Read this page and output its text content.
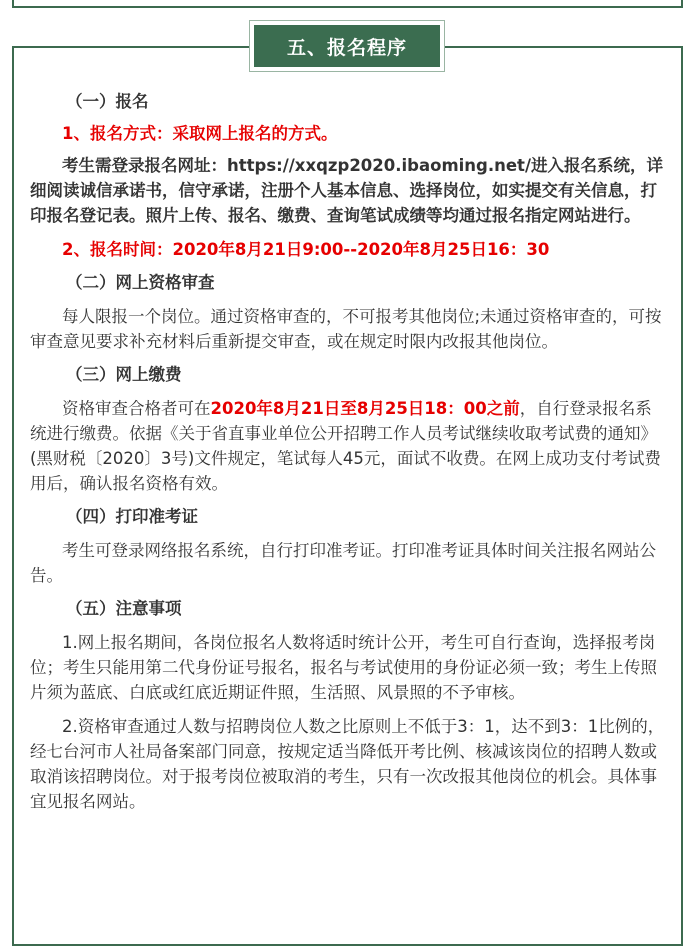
五、报名程序

（一）报名

1、报名方式：采取网上报名的方式。

考生需登录报名网址：https://xxqzp2020.ibaoming.net/进入报名系统，详细阅读诚信承诺书，信守承诺，注册个人基本信息、选择岗位，如实提交有关信息，打印报名登记表。照片上传、报名、缴费、查询笔试成绩等均通过报名指定网站进行。

2、报名时间：2020年8月21日9:00--2020年8月25日16：30

（二）网上资格审查

每人限报一个岗位。通过资格审查的，不可报考其他岗位;未通过资格审查的，可按审查意见要求补充材料后重新提交审查，或在规定时限内改报其他岗位。

（三）网上缴费

资格审查合格者可在2020年8月21日至8月25日18：00之前，自行登录报名系统进行缴费。依据《关于省直事业单位公开招聘工作人员考试继续收取考试费的通知》(黑财税〔2020〕3号)文件规定，笔试每人45元，面试不收费。在网上成功支付考试费用后，确认报名资格有效。

（四）打印准考证

考生可登录网络报名系统，自行打印准考证。打印准考证具体时间关注报名网站公告。

（五）注意事项

1.网上报名期间，各岗位报名人数将适时统计公开，考生可自行查询，选择报考岗位；考生只能用第二代身份证号报名，报名与考试使用的身份证必须一致；考生上传照片须为蓝底、白底或红底近期证件照，生活照、风景照的不予审核。

2.资格审查通过人数与招聘岗位人数之比原则上不低于3：1，达不到3：1比例的，经七台河市人社局备案部门同意，按规定适当降低开考比例、核减该岗位的招聘人数或取消该招聘岗位。对于报考岗位被取消的考生，只有一次改报其他岗位的机会。具体事宜见报名网站。
